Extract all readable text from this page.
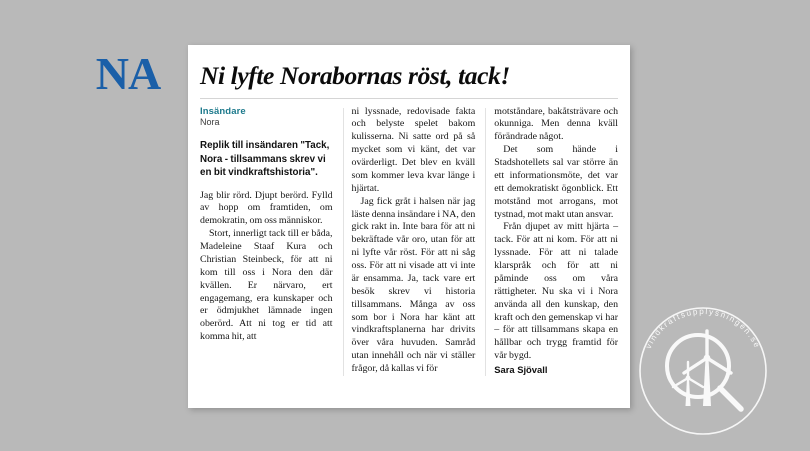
NA Ni lyfte Norabornas röst, tack!
Insändare
Nora
Replik till insändaren "Tack, Nora - tillsammans skrev vi en bit vindkraftshistoria".

Jag blir rörd. Djupt berörd. Fylld av hopp om framtiden, om demokratin, om oss människor.

Stort, innerligt tack till er båda, Madeleine Staaf Kura och Christian Steinbeck, för att ni kom till oss i Nora den där kvällen. Er närvaro, ert engagemang, era kunskaper och er ödmjukhet lämnade ingen oberörd. Att ni tog er tid att komma hit, att

ni lyssnade, redovisade fakta och belyste spelet bakom kulisserna. Ni satte ord på så mycket som vi känt, det var ovärderligt. Det blev en kväll som kommer leva kvar länge i hjärtat.

Jag fick gråt i halsen när jag läste denna insändare i NA, den gick rakt in. Inte bara för att ni bekräftade vår oro, utan för att ni lyfte vår röst. För att ni såg oss. För att ni visade att vi inte är ensamma. Ja, tack vare ert besök skrev vi historia tillsammans. Många av oss som bor i Nora har känt att vindkraftsplanerna har drivits över våra huvuden. Samråd utan innehåll och när vi ställer frågor, då kallas vi för

motståndare, bakåtsträvare och okunniga. Men denna kväll förändrade något.

Det som hände i Stadshotellets sal var större än ett informationsmöte, det var ett demokratiskt ögonblick. Ett motstånd mot arrogans, mot tystnad, mot makt utan ansvar.

Från djupet av mitt hjärta – tack. För att ni kom. För att ni lyssnade. För att ni talade klarspråk och för att ni påminde oss om våra rättigheter. Nu ska vi i Nora använda all den kunskap, den kraft och den gemenskap vi har – för att tillsammans skapa en hållbar och trygg framtid för vår bygd.

Sara Sjövall
vindkraftsupplysningen.se
